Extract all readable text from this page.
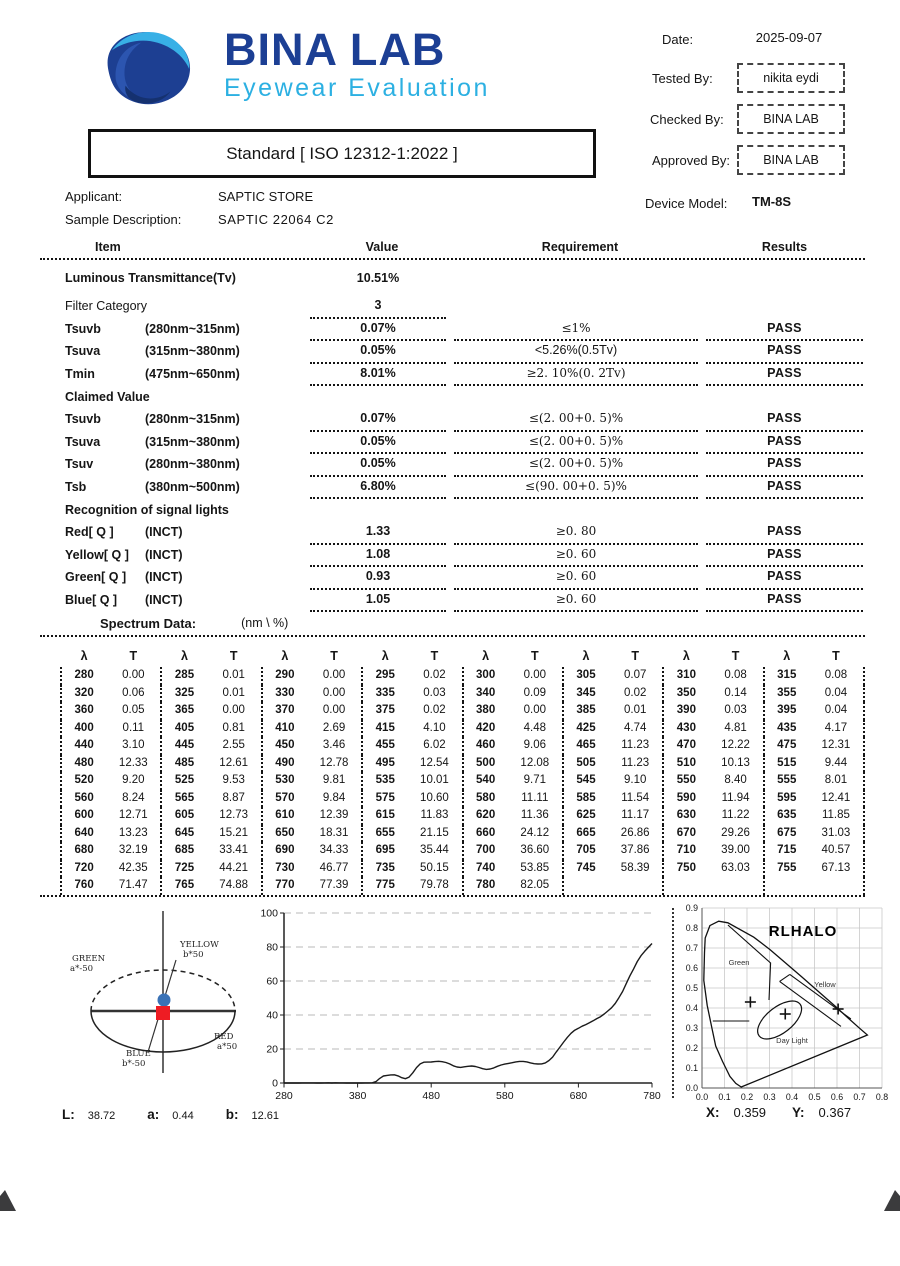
BINA LAB
Eyewear Evaluation
Date:	2025-09-07
Tested By:	nikita eydi
Checked By:	BINA LAB
Approved By:	BINA LAB
Device Model: TM-8S
Standard [ ISO 12312-1:2022 ]
Applicant:	SAPTIC STORE
Sample Description:	SAPTIC 22064 C2
Item	Value	Requirement	Results
Luminous Transmittance(Tv)	10.51%
Filter Category	3
Tsuvb	(280nm~315nm)	0.07%	≤1%	PASS
Tsuva	(315nm~380nm)	0.05%	<5.26%(0.5Tv)	PASS
Tmin	(475nm~650nm)	8.01%	≥2. 10%(0. 2Tv)	PASS
Claimed Value
Tsuvb	(280nm~315nm)	0.07%	≤(2. 00+0. 5)%	PASS
Tsuva	(315nm~380nm)	0.05%	≤(2. 00+0. 5)%	PASS
Tsuv	(280nm~380nm)	0.05%	≤(2. 00+0. 5)%	PASS
Tsb	(380nm~500nm)	6.80%	≤(90. 00+0. 5)%	PASS
Recognition of signal lights
Red[ Q ]	(INCT)	1.33	≥0. 80	PASS
Yellow[ Q ]	(INCT)	1.08	≥0. 60	PASS
Green[ Q ]	(INCT)	0.93	≥0. 60	PASS
Blue[ Q ]	(INCT)	1.05	≥0. 60	PASS
Spectrum Data:	(nm \ %)
λ	T	λ	T	λ	T	λ	T	λ	T	λ	T	λ	T	λ	T
280	0.00	285	0.01	290	0.00	295	0.02	300	0.00	305	0.07	310	0.08	315	0.08
320	0.06	325	0.01	330	0.00	335	0.03	340	0.09	345	0.02	350	0.14	355	0.04
360	0.05	365	0.00	370	0.00	375	0.02	380	0.00	385	0.01	390	0.03	395	0.04
400	0.11	405	0.81	410	2.69	415	4.10	420	4.48	425	4.74	430	4.81	435	4.17
440	3.10	445	2.55	450	3.46	455	6.02	460	9.06	465	11.23	470	12.22	475	12.31
480	12.33	485	12.61	490	12.78	495	12.54	500	12.08	505	11.23	510	10.13	515	9.44
520	9.20	525	9.53	530	9.81	535	10.01	540	9.71	545	9.10	550	8.40	555	8.01
560	8.24	565	8.87	570	9.84	575	10.60	580	11.11	585	11.54	590	11.94	595	12.41
600	12.71	605	12.73	610	12.39	615	11.83	620	11.36	625	11.17	630	11.22	635	11.85
640	13.23	645	15.21	650	18.31	655	21.15	660	24.12	665	26.86	670	29.26	675	31.03
680	32.19	685	33.41	690	34.33	695	35.44	700	36.60	705	37.86	710	39.00	715	40.57
720	42.35	725	44.21	730	46.77	735	50.15	740	53.85	745	58.39	750	63.03	755	67.13
760	71.47	765	74.88	770	77.39	775	79.78	780	82.05
YELLOW
b*50
GREEN
a*-50
RED
a*50
BLUE
b*-50
280	380	480	580	680	780
0
20
40
60
80
100
RLHALO
Green
Yellow
Day Light
0.0 0.1 0.2 0.3 0.4 0.5 0.6 0.7 0.8
0.0
0.1
0.2
0.3
0.4
0.5
0.6
0.7
0.8
0.9
L: 38.72 a: 0.44 b: 12.61	X: 0.359 Y: 0.367
